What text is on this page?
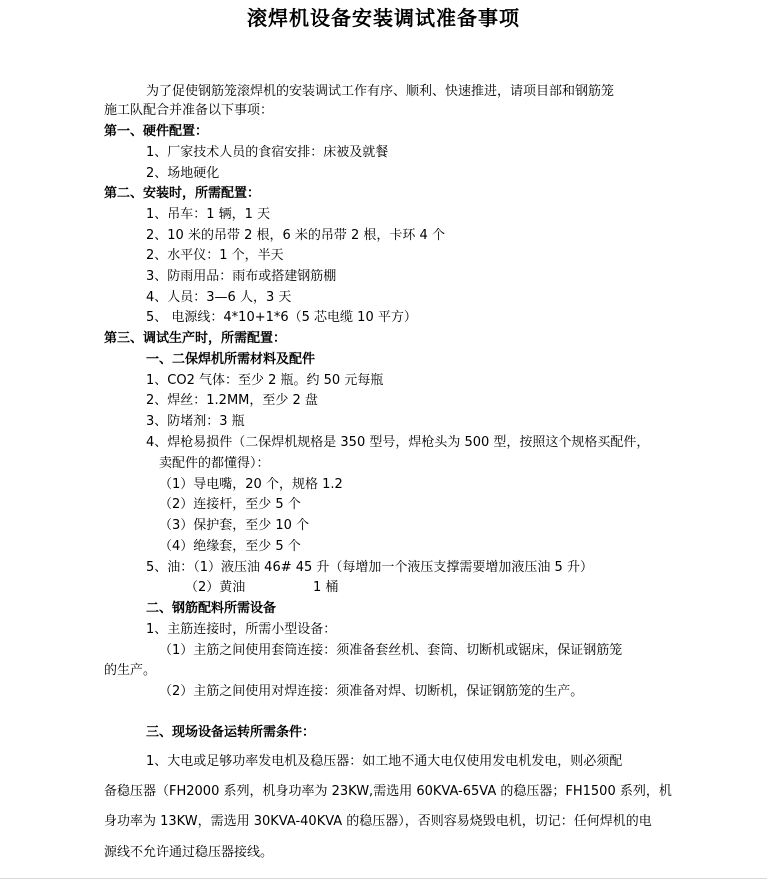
滚焊机设备安装调试准备事项
为了促使钢筋笼滚焊机的安装调试工作有序、顺利、快速推进，请项目部和钢筋笼
施工队配合并准备以下事项：
第一、硬件配置：
1、厂家技术人员的食宿安排：床被及就餐
2、场地硬化
第二、安装时，所需配置：
1、吊车：1 辆，1 天
2、10 米的吊带 2 根，6 米的吊带 2 根，卡环 4 个
2、水平仪：1 个，半天
3、防雨用品：雨布或搭建钢筋棚
4、人员：3—6 人，3 天
5、 电源线：4*10+1*6（5 芯电缆 10 平方）
第三、调试生产时，所需配置：
一、二保焊机所需材料及配件
1、CO2 气体：至少 2 瓶。约 50 元每瓶
2、焊丝：1.2MM，至少 2 盘
3、防堵剂：3 瓶
4、焊枪易损件（二保焊机规格是 350 型号，焊枪头为 500 型，按照这个规格买配件，
卖配件的都懂得）：
（1）导电嘴，20 个，规格 1.2
（2）连接杆，至少 5 个
（3）保护套，至少 10 个
（4）绝缘套，至少 5 个
5、油：（1）液压油 46# 45 升（每增加一个液压支撑需要增加液压油 5 升）
（2）黄油	1 桶
二、钢筋配料所需设备
1、主筋连接时，所需小型设备：
（1）主筋之间使用套筒连接：须准备套丝机、套筒、切断机或锯床，保证钢筋笼
的生产。
（2）主筋之间使用对焊连接：须准备对焊、切断机，保证钢筋笼的生产。
三、现场设备运转所需条件：
1、大电或足够功率发电机及稳压器：如工地不通大电仅使用发电机发电，则必须配
备稳压器（FH2000 系列，机身功率为 23KW,需选用 60KVA-65VA 的稳压器；FH1500 系列，机
身功率为 13KW，需选用 30KVA-40KVA 的稳压器），否则容易烧毁电机，切记：任何焊机的电
源线不允许通过稳压器接线。
